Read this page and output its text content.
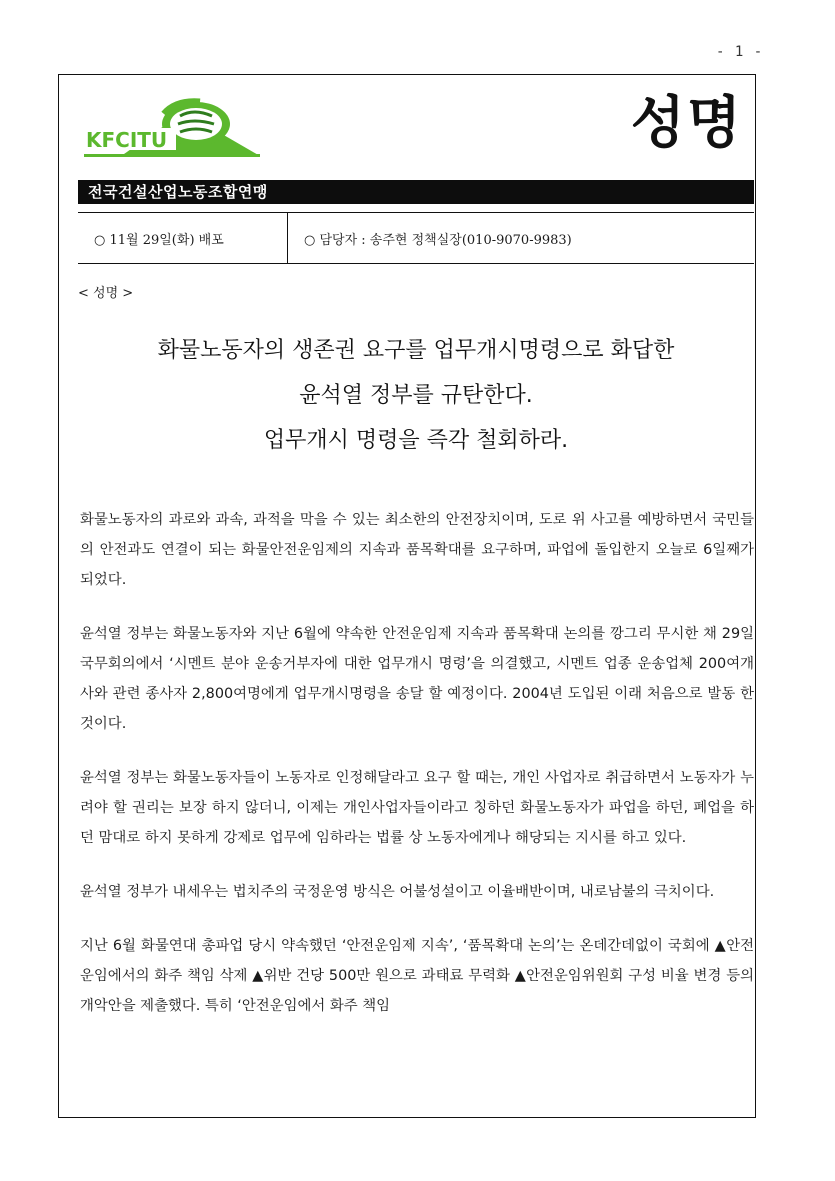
- 1 -
KFCITU	성명
전국건설산업노동조합연맹
○ 11월 29일(화) 배포	○ 담당자 : 송주현 정책실장(010-9070-9983)
< 성명 >
화물노동자의 생존권 요구를 업무개시명령으로 화답한
윤석열 정부를 규탄한다.
업무개시 명령을 즉각 철회하라.

화물노동자의 과로와 과속, 과적을 막을 수 있는 최소한의 안전장치이며, 도로 위 사고를 예방하면서 국민들의 안전과도 연결이 되는 화물안전운임제의 지속과 품목확대를 요구하며, 파업에 돌입한지 오늘로 6일째가 되었다.

윤석열 정부는 화물노동자와 지난 6월에 약속한 안전운임제 지속과 품목확대 논의를 깡그리 무시한 채 29일 국무회의에서 ‘시멘트 분야 운송거부자에 대한 업무개시 명령’을 의결했고, 시멘트 업종 운송업체 200여개 사와 관련 종사자 2,800여명에게 업무개시명령을 송달 할 예정이다. 2004년 도입된 이래 처음으로 발동 한 것이다.

윤석열 정부는 화물노동자들이 노동자로 인정해달라고 요구 할 때는, 개인 사업자로 취급하면서 노동자가 누려야 할 권리는 보장 하지 않더니, 이제는 개인사업자들이라고 칭하던 화물노동자가 파업을 하던, 폐업을 하던 맘대로 하지 못하게 강제로 업무에 임하라는 법률 상 노동자에게나 해당되는 지시를 하고 있다.

윤석열 정부가 내세우는 법치주의 국정운영 방식은 어불성설이고 이율배반이며, 내로남불의 극치이다.

지난 6월 화물연대 총파업 당시 약속했던 ‘안전운임제 지속’, ‘품목확대 논의’는 온데간데없이 국회에 ▲안전운임에서의 화주 책임 삭제 ▲위반 건당 500만 원으로 과태료 무력화 ▲안전운임위원회 구성 비율 변경 등의 개악안을 제출했다. 특히 ‘안전운임에서 화주 책임
